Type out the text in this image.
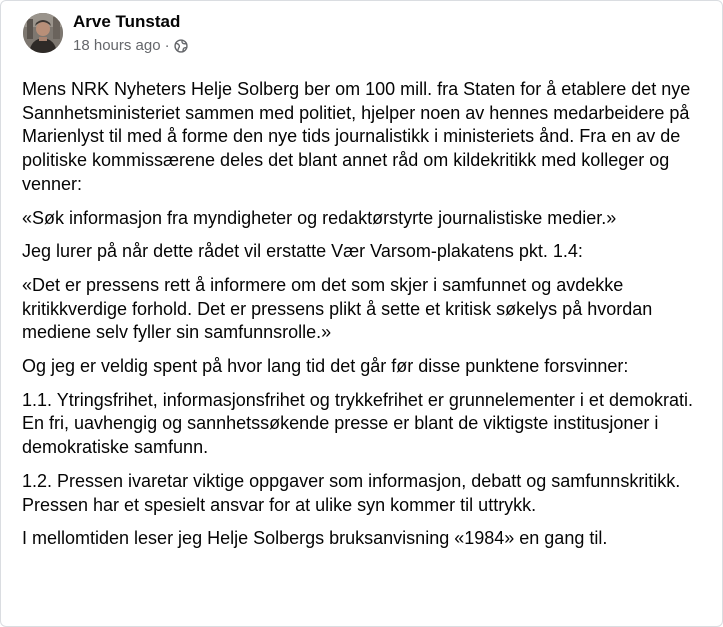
Arve Tunstad
18 hours ago ·

Mens NRK Nyheters Helje Solberg ber om 100 mill. fra Staten for å etablere det nye Sannhetsministeriet sammen med politiet, hjelper noen av hennes medarbeidere på Marienlyst til med å forme den nye tids journalistikk i ministeriets ånd. Fra en av de politiske kommissærene deles det blant annet råd om kildekritikk med kolleger og venner:

«Søk informasjon fra myndigheter og redaktørstyrte journalistiske medier.»

Jeg lurer på når dette rådet vil erstatte Vær Varsom-plakatens pkt. 1.4:

«Det er pressens rett å informere om det som skjer i samfunnet og avdekke kritikkverdige forhold. Det er pressens plikt å sette et kritisk søkelys på hvordan mediene selv fyller sin samfunnsrolle.»

Og jeg er veldig spent på hvor lang tid det går før disse punktene forsvinner:

1.1. Ytringsfrihet, informasjonsfrihet og trykkefrihet er grunnelementer i et demokrati. En fri, uavhengig og sannhetssøkende presse er blant de viktigste institusjoner i demokratiske samfunn.

1.2. Pressen ivaretar viktige oppgaver som informasjon, debatt og samfunnskritikk. Pressen har et spesielt ansvar for at ulike syn kommer til uttrykk.

I mellomtiden leser jeg Helje Solbergs bruksanvisning «1984» en gang til.
